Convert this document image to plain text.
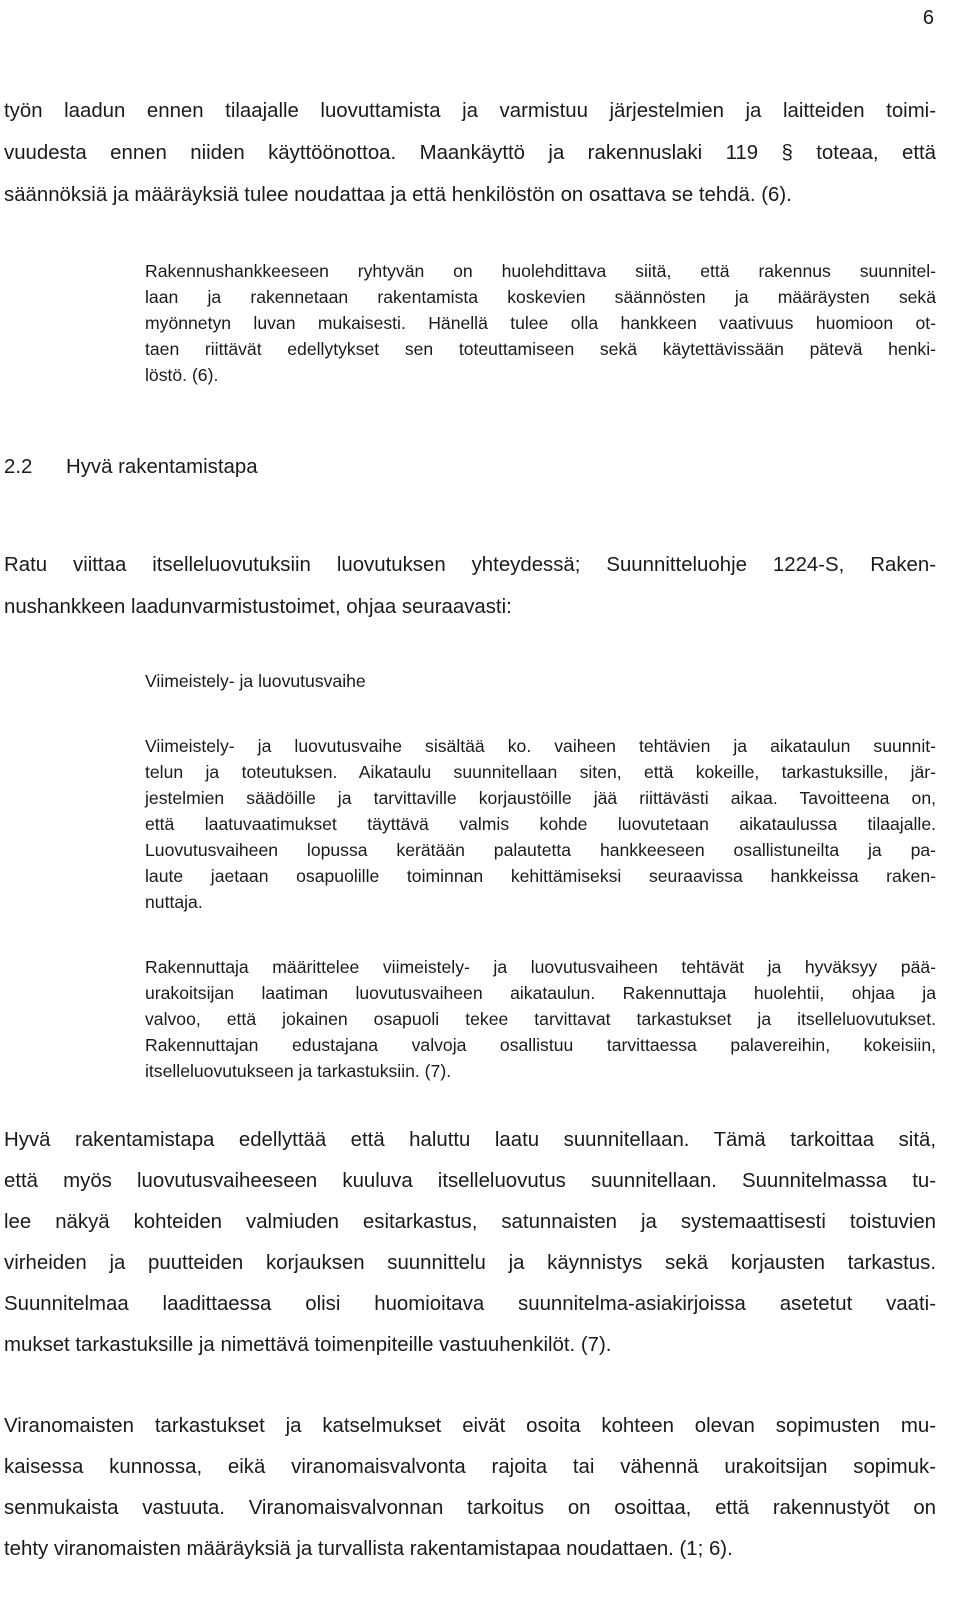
6
työn laadun ennen tilaajalle luovuttamista ja varmistuu järjestelmien ja laitteiden toimi-
vuudesta ennen niiden käyttöönottoa. Maankäyttö ja rakennuslaki 119 § toteaa, että
säännöksiä ja määräyksiä tulee noudattaa ja että henkilöstön on osattava se tehdä. (6).
Rakennushankkeeseen ryhtyvän on huolehdittava siitä, että rakennus suunnitel-
laan ja rakennetaan rakentamista koskevien säännösten ja määräysten sekä
myönnetyn luvan mukaisesti. Hänellä tulee olla hankkeen vaativuus huomioon ot-
taen riittävät edellytykset sen toteuttamiseen sekä käytettävissään pätevä henki-
löstö. (6).
2.2 Hyvä rakentamistapa
Ratu viittaa itselleluovutuksiin luovutuksen yhteydessä; Suunnitteluohje 1224-S, Raken-
nushankkeen laadunvarmistustoimet, ohjaa seuraavasti:
Viimeistely- ja luovutusvaihe
Viimeistely- ja luovutusvaihe sisältää ko. vaiheen tehtävien ja aikataulun suunnit-
telun ja toteutuksen. Aikataulu suunnitellaan siten, että kokeille, tarkastuksille, jär-
jestelmien säädöille ja tarvittaville korjaustöille jää riittävästi aikaa. Tavoitteena on,
että laatuvaatimukset täyttävä valmis kohde luovutetaan aikataulussa tilaajalle.
Luovutusvaiheen lopussa kerätään palautetta hankkeeseen osallistuneilta ja pa-
laute jaetaan osapuolille toiminnan kehittämiseksi seuraavissa hankkeissa raken-
nuttaja.
Rakennuttaja määrittelee viimeistely- ja luovutusvaiheen tehtävät ja hyväksyy pää-
urakoitsijan laatiman luovutusvaiheen aikataulun. Rakennuttaja huolehtii, ohjaa ja
valvoo, että jokainen osapuoli tekee tarvittavat tarkastukset ja itselleluovutukset.
Rakennuttajan edustajana valvoja osallistuu tarvittaessa palavereihin, kokeisiin,
itselleluovutukseen ja tarkastuksiin. (7).
Hyvä rakentamistapa edellyttää että haluttu laatu suunnitellaan. Tämä tarkoittaa sitä,
että myös luovutusvaiheeseen kuuluva itselleluovutus suunnitellaan. Suunnitelmassa tu-
lee näkyä kohteiden valmiuden esitarkastus, satunnaisten ja systemaattisesti toistuvien
virheiden ja puutteiden korjauksen suunnittelu ja käynnistys sekä korjausten tarkastus.
Suunnitelmaa laadittaessa olisi huomioitava suunnitelma-asiakirjoissa asetetut vaati-
mukset tarkastuksille ja nimettävä toimenpiteille vastuuhenkilöt. (7).
Viranomaisten tarkastukset ja katselmukset eivät osoita kohteen olevan sopimusten mu-
kaisessa kunnossa, eikä viranomaisvalvonta rajoita tai vähennä urakoitsijan sopimuk-
senmukaista vastuuta. Viranomaisvalvonnan tarkoitus on osoittaa, että rakennustyöt on
tehty viranomaisten määräyksiä ja turvallista rakentamistapaa noudattaen. (1; 6).
